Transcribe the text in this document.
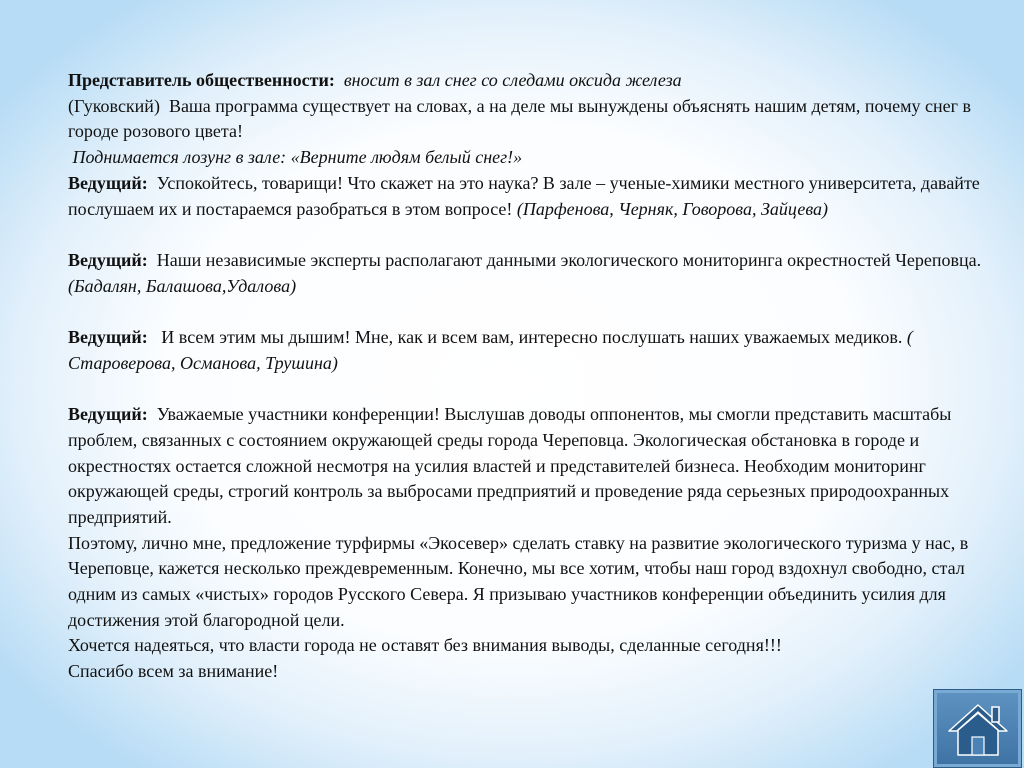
Представитель общественности: вносит в зал снег со следами оксида железа
(Гуковский) Ваша программа существует на словах, а на деле мы вынуждены объяснять нашим детям, почему снег в городе розового цвета!

Поднимается лозунг в зале: «Верните людям белый снег!»

Ведущий: Успокойтесь, товарищи! Что скажет на это наука? В зале – ученые-химики местного университета, давайте послушаем их и постараемся разобраться в этом вопросе! (Парфенова, Черняк, Говорова, Зайцева)

Ведущий: Наши независимые эксперты располагают данными экологического мониторинга окрестностей Череповца. (Бадалян, Балашова,Удалова)

Ведущий: И всем этим мы дышим! Мне, как и всем вам, интересно послушать наших уважаемых медиков. ( Староверова, Османова, Трушина)

Ведущий: Уважаемые участники конференции! Выслушав доводы оппонентов, мы смогли представить масштабы проблем, связанных с состоянием окружающей среды города Череповца. Экологическая обстановка в городе и окрестностях остается сложной несмотря на усилия властей и представителей бизнеса. Необходим мониторинг окружающей среды, строгий контроль за выбросами предприятий и проведение ряда серьезных природоохранных предприятий.

Поэтому, лично мне, предложение турфирмы «Экосевер» сделать ставку на развитие экологического туризма у нас, в Череповце, кажется несколько преждевременным. Конечно, мы все хотим, чтобы наш город вздохнул свободно, стал одним из самых «чистых» городов Русского Севера. Я призываю участников конференции объединить усилия для достижения этой благородной цели.

Хочется надеяться, что власти города не оставят без внимания выводы, сделанные сегодня!!!

Спасибо всем за внимание!
